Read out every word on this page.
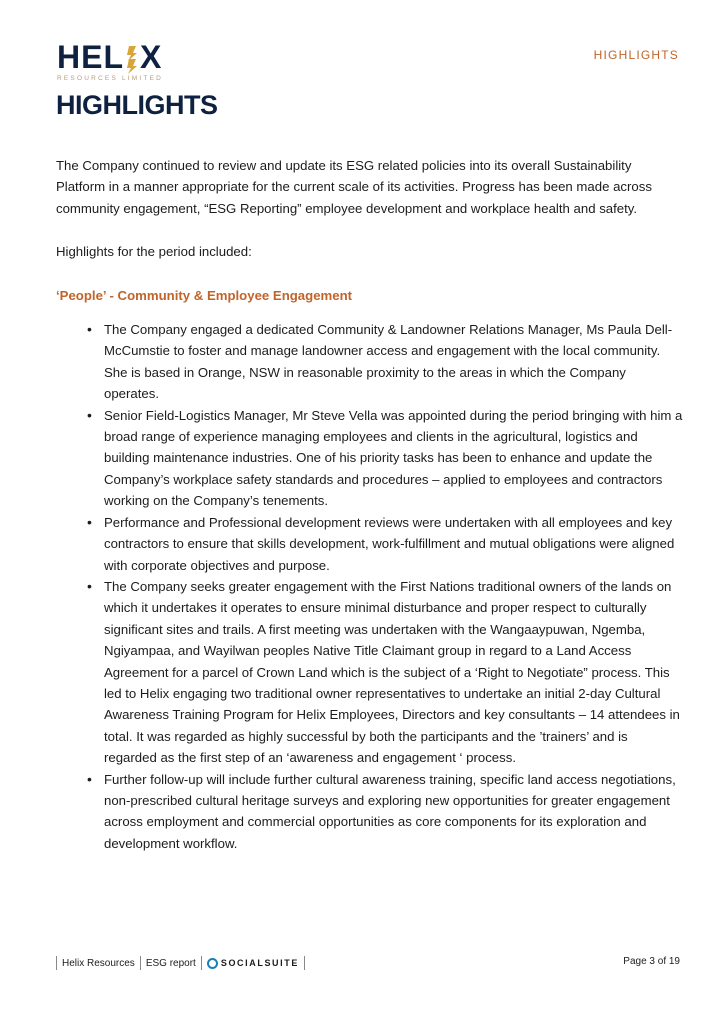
HEL X
RESOURCES LIMITED
HIGHLIGHTS
HIGHLIGHTS

The Company continued to review and update its ESG related policies into its overall Sustainability Platform in a manner appropriate for the current scale of its activities. Progress has been made across community engagement, “ESG Reporting” employee development and workplace health and safety.

Highlights for the period included:

‘People’ - Community & Employee Engagement

• The Company engaged a dedicated Community & Landowner Relations Manager, Ms Paula Dell-McCumstie to foster and manage landowner access and engagement with the local community. She is based in Orange, NSW in reasonable proximity to the areas in which the Company operates.
• Senior Field-Logistics Manager, Mr Steve Vella was appointed during the period bringing with him a broad range of experience managing employees and clients in the agricultural, logistics and building maintenance industries. One of his priority tasks has been to enhance and update the Company’s workplace safety standards and procedures – applied to employees and contractors working on the Company’s tenements.
• Performance and Professional development reviews were undertaken with all employees and key contractors to ensure that skills development, work-fulfillment and mutual obligations were aligned with corporate objectives and purpose.
• The Company seeks greater engagement with the First Nations traditional owners of the lands on which it undertakes it operates to ensure minimal disturbance and proper respect to culturally significant sites and trails. A first meeting was undertaken with the Wangaaypuwan, Ngemba, Ngiyampaa, and Wayilwan peoples Native Title Claimant group in regard to a Land Access Agreement for a parcel of Crown Land which is the subject of a ‘Right to Negotiate” process. This led to Helix engaging two traditional owner representatives to undertake an initial 2-day Cultural Awareness Training Program for Helix Employees, Directors and key consultants – 14 attendees in total. It was regarded as highly successful by both the participants and the ’trainers’ and is regarded as the first step of an ‘awareness and engagement ‘ process.
• Further follow-up will include further cultural awareness training, specific land access negotiations, non-prescribed cultural heritage surveys and exploring new opportunities for greater engagement across employment and commercial opportunities as core components for its exploration and development workflow.
Helix Resources ESG report	SOCIALSUITE	Page 3 of 19
